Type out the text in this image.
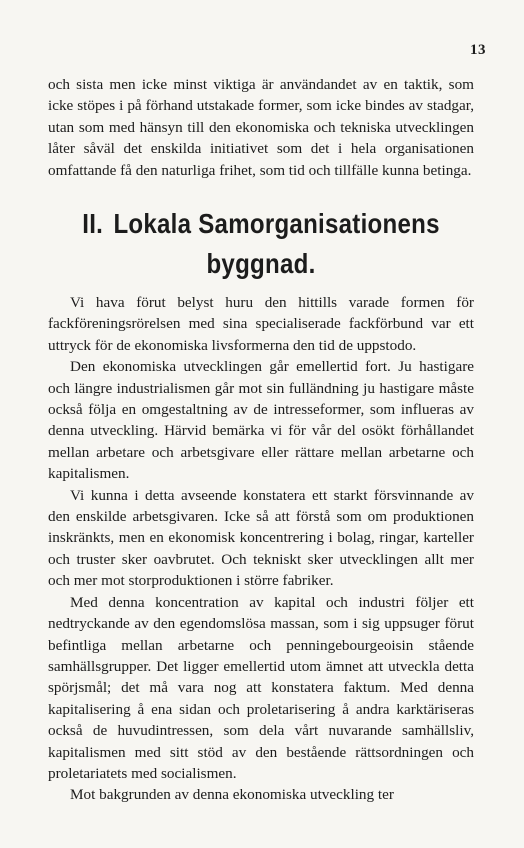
13

och sista men icke minst viktiga är användandet av en taktik, som icke stöpes i på förhand utstakade former, som icke bindes av stadgar, utan som med hänsyn till den ekonomiska och tekniska utvecklingen låter såväl det enskilda initiativet som det i hela organisationen omfattande få den naturliga frihet, som tid och tillfälle kunna betinga.

II. Lokala Samorganisationens byggnad.

Vi hava förut belyst huru den hittills varade formen för fackföreningsrörelsen med sina specialiserade fackförbund var ett uttryck för de ekonomiska livsformerna den tid de uppstodo.

Den ekonomiska utvecklingen går emellertid fort. Ju hastigare och längre industrialismen går mot sin fulländning ju hastigare måste också följa en omgestaltning av de intresseformer, som influeras av denna utveckling. Härvid bemärka vi för vår del osökt förhållandet mellan arbetare och arbetsgivare eller rättare mellan arbetarne och kapitalismen.

Vi kunna i detta avseende konstatera ett starkt försvinnande av den enskilde arbetsgivaren. Icke så att förstå som om produktionen inskränkts, men en ekonomisk koncentrering i bolag, ringar, karteller och truster sker oavbrutet. Och tekniskt sker utvecklingen allt mer och mer mot storproduktionen i större fabriker.

Med denna koncentration av kapital och industri följer ett nedtryckande av den egendomslösa massan, som i sig uppsuger förut befintliga mellan arbetarne och penningebourgeoisin stående samhällsgrupper. Det ligger emellertid utom ämnet att utveckla detta spörjsmål; det må vara nog att konstatera faktum. Med denna kapitalisering å ena sidan och proletarisering å andra karktäriseras också de huvudintressen, som dela vårt nuvarande samhällsliv, kapitalismen med sitt stöd av den bestående rättsordningen och proletariatets med socialismen.

Mot bakgrunden av denna ekonomiska utveckling ter
